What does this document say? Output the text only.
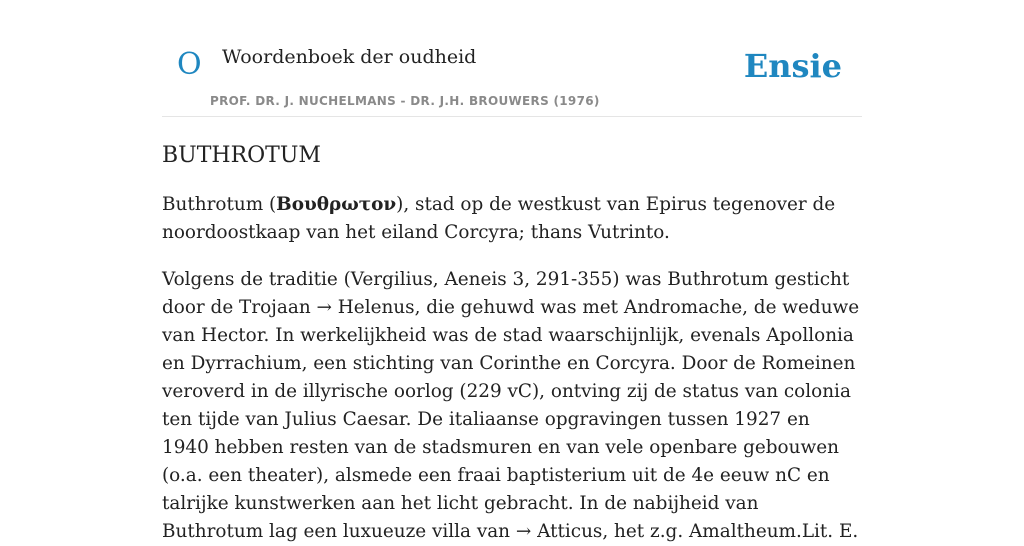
O Woordenboek der oudheid
PROF. DR. J. NUCHELMANS - DR. J.H. BROUWERS (1976)
Ensie
BUTHROTUM

Buthrotum (Βουθρωτον), stad op de westkust van Epirus tegenover de noordoostkaap van het eiland Corcyra; thans Vutrinto.

Volgens de traditie (Vergilius, Aeneis 3, 291-355) was Buthrotum gesticht door de Trojaan → Helenus, die gehuwd was met Andromache, de weduwe van Hector. In werkelijkheid was de stad waarschijnlijk, evenals Apollonia en Dyrrachium, een stichting van Corinthe en Corcyra. Door de Romeinen veroverd in de illyrische oorlog (229 vC), ontving zij de status van colonia ten tijde van Julius Caesar. De italiaanse opgravingen tussen 1927 en 1940 hebben resten van de stadsmuren en van vele openbare gebouwen (o.a. een theater), alsmede een fraai baptisterium uit de 4e eeuw nC en talrijke kunstwerken aan het licht gebracht. In de nabijheid van Buthrotum lag een luxueuze villa van → Atticus, het z.g. Amaltheum.Lit. E.
